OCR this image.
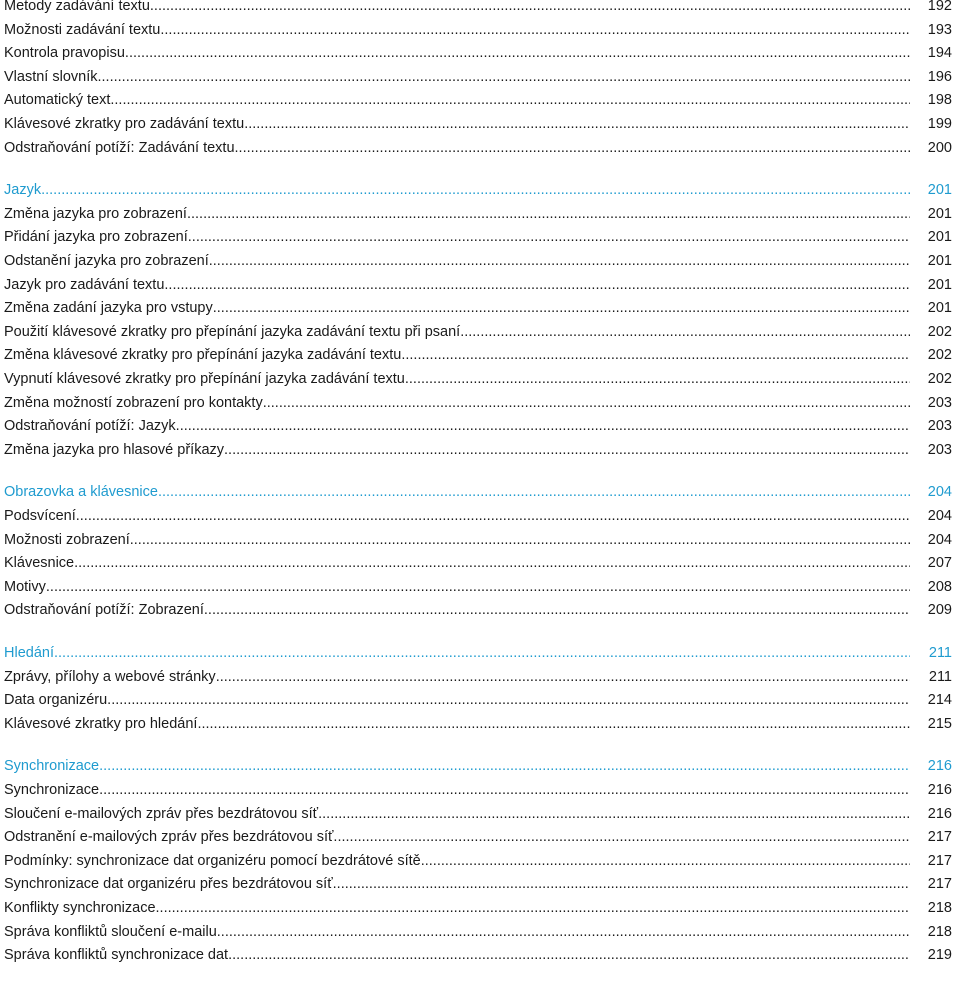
Metody zadávání textu .....	192
Možnosti zadávání textu .....	193
Kontrola pravopisu .....	194
Vlastní slovník .....	196
Automatický text .....	198
Klávesové zkratky pro zadávání textu .....	199
Odstraňování potíží: Zadávání textu .....	200
Jazyk .....	201
Změna jazyka pro zobrazení .....	201
Přidání jazyka pro zobrazení .....	201
Odstanění jazyka pro zobrazení .....	201
Jazyk pro zadávání textu .....	201
Změna zadání jazyka pro vstupy .....	201
Použití klávesové zkratky pro přepínání jazyka zadávání textu při psaní .....	202
Změna klávesové zkratky pro přepínání jazyka zadávání textu .....	202
Vypnutí klávesové zkratky pro přepínání jazyka zadávání textu .....	202
Změna možností zobrazení pro kontakty .....	203
Odstraňování potíží: Jazyk .....	203
Změna jazyka pro hlasové příkazy .....	203
Obrazovka a klávesnice .....	204
Podsvícení .....	204
Možnosti zobrazení .....	204
Klávesnice .....	207
Motivy .....	208
Odstraňování potíží: Zobrazení .....	209
Hledání .....	211
Zprávy, přílohy a webové stránky .....	211
Data organizéru .....	214
Klávesové zkratky pro hledání .....	215
Synchronizace .....	216
Synchronizace .....	216
Sloučení e-mailových zpráv přes bezdrátovou síť .....	216
Odstranění e-mailových zpráv přes bezdrátovou síť .....	217
Podmínky: synchronizace dat organizéru pomocí bezdrátové sítě .....	217
Synchronizace dat organizéru přes bezdrátovou síť .....	217
Konflikty synchronizace .....	218
Správa konfliktů sloučení e-mailu .....	218
Správa konfliktů synchronizace dat .....	219
